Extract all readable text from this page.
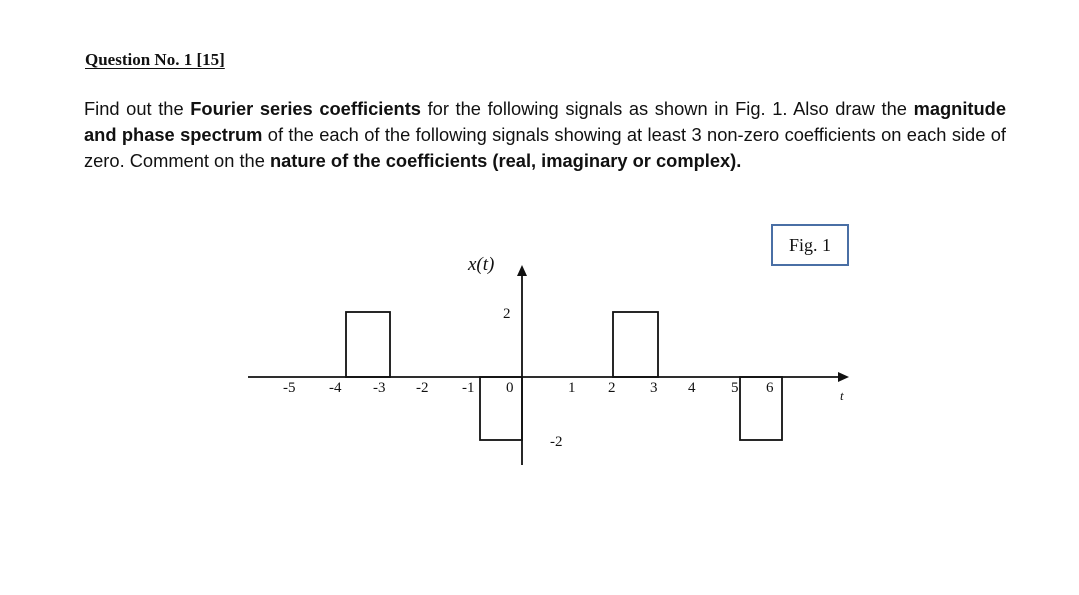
Question No. 1 [15]

Find out the Fourier series coefficients for the following signals as shown in Fig. 1. Also draw the magnitude and phase spectrum of the each of the following signals showing at least 3 non-zero coefficients on each side of zero. Comment on the nature of the coefficients (real, imaginary or complex).

x(t)
t
2
-2
-5 -4 -3 -2 -1 0	1 2 3 4 5 6
Fig. 1
